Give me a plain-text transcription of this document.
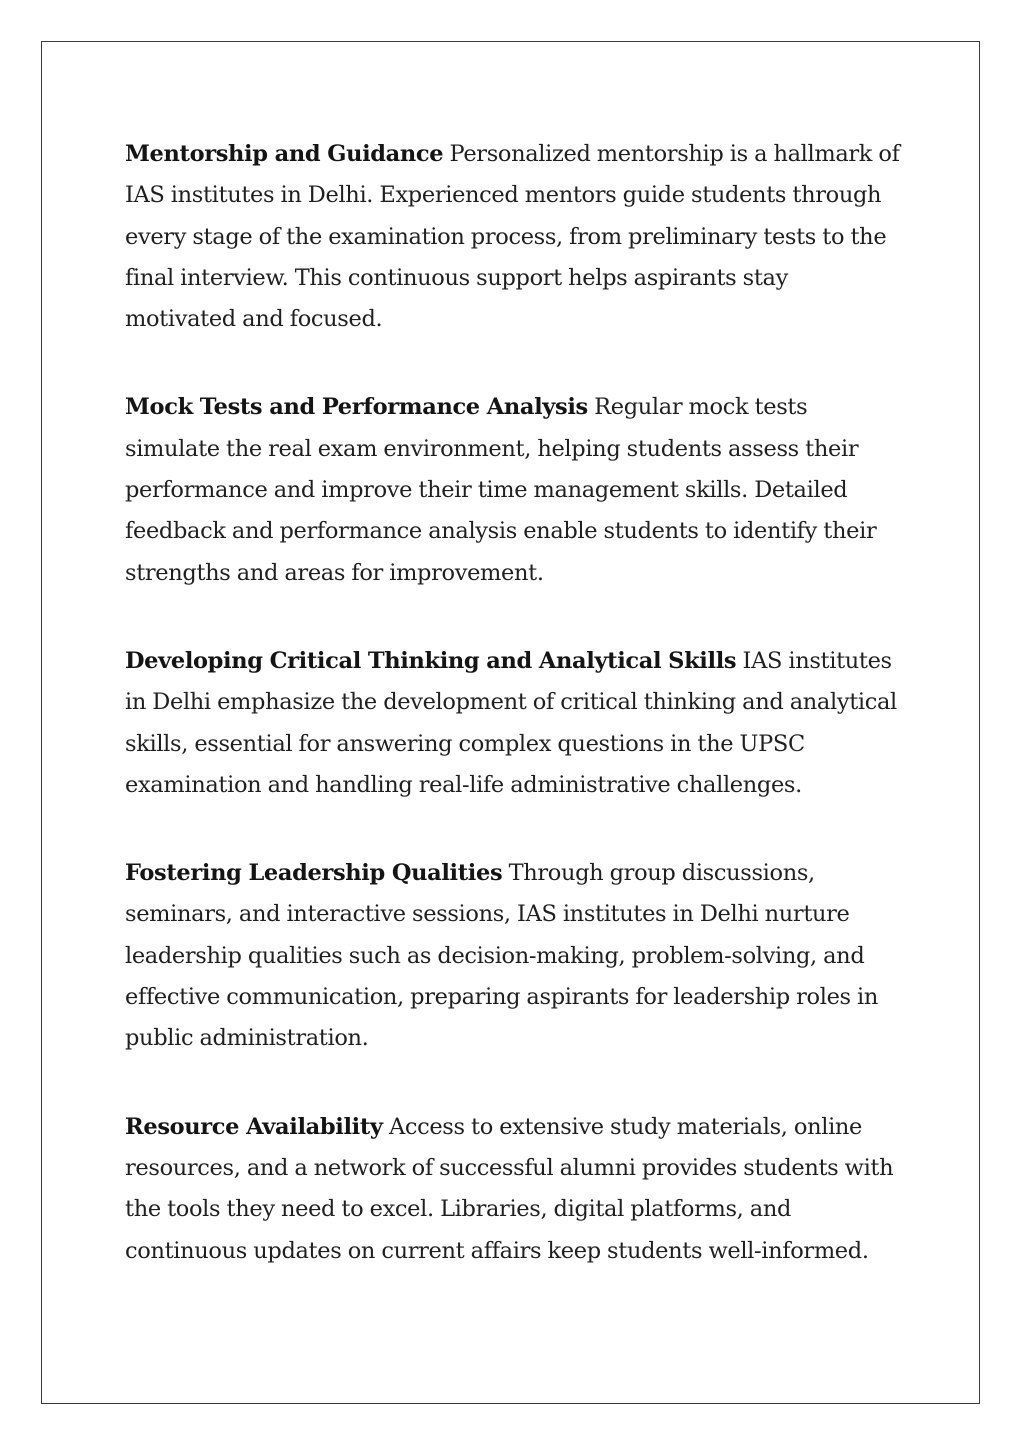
Mentorship and Guidance Personalized mentorship is a hallmark of IAS institutes in Delhi. Experienced mentors guide students through every stage of the examination process, from preliminary tests to the final interview. This continuous support helps aspirants stay motivated and focused.

Mock Tests and Performance Analysis Regular mock tests simulate the real exam environment, helping students assess their performance and improve their time management skills. Detailed feedback and performance analysis enable students to identify their strengths and areas for improvement.

Developing Critical Thinking and Analytical Skills IAS institutes in Delhi emphasize the development of critical thinking and analytical skills, essential for answering complex questions in the UPSC examination and handling real-life administrative challenges.

Fostering Leadership Qualities Through group discussions, seminars, and interactive sessions, IAS institutes in Delhi nurture leadership qualities such as decision-making, problem-solving, and effective communication, preparing aspirants for leadership roles in public administration.

Resource Availability Access to extensive study materials, online resources, and a network of successful alumni provides students with the tools they need to excel. Libraries, digital platforms, and continuous updates on current affairs keep students well-informed.
